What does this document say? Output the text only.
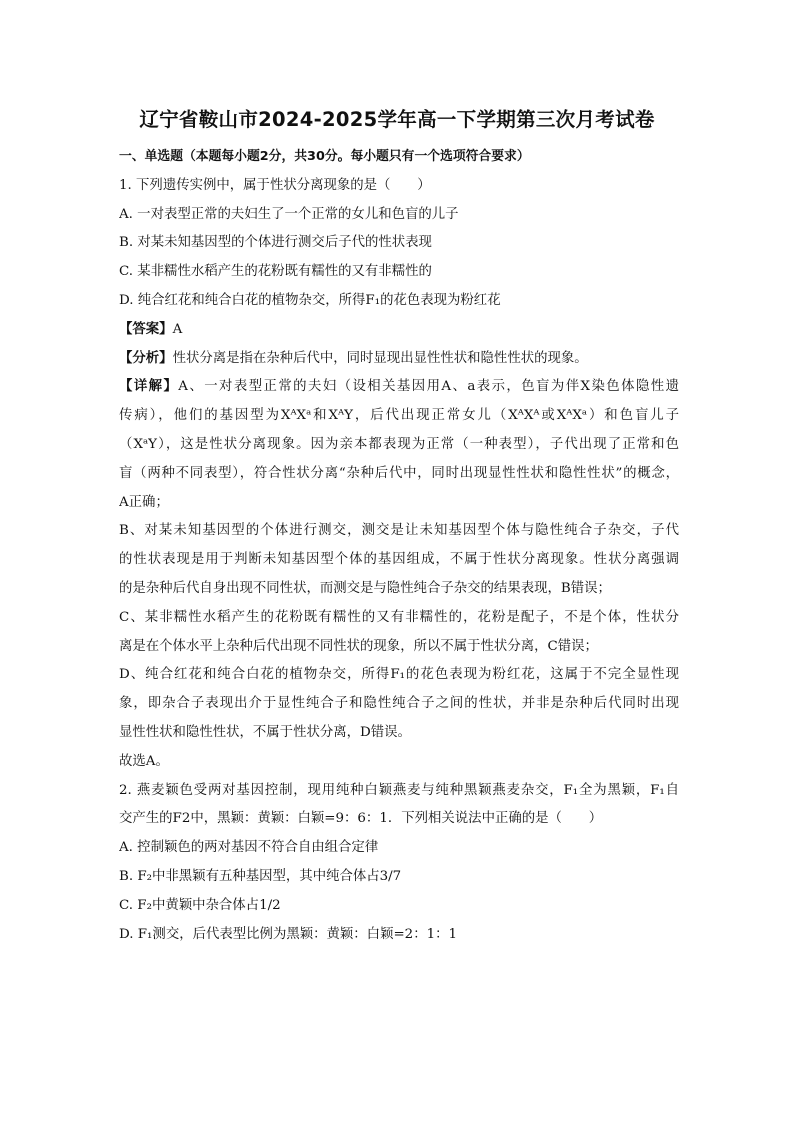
辽宁省鞍山市2024-2025学年高一下学期第三次月考试卷
一、单选题（本题每小题2分，共30分。每小题只有一个选项符合要求）
1. 下列遗传实例中，属于性状分离现象的是（　　）
A. 一对表型正常的夫妇生了一个正常的女儿和色盲的儿子
B. 对某未知基因型的个体进行测交后子代的性状表现
C. 某非糯性水稻产生的花粉既有糯性的又有非糯性的
D. 纯合红花和纯合白花的植物杂交，所得F₁的花色表现为粉红花
【答案】A
【分析】性状分离是指在杂种后代中，同时显现出显性性状和隐性性状的现象。
【详解】A、一对表型正常的夫妇（设相关基因用A、a表示，色盲为伴X染色体隐性遗
传病），他们的基因型为XᴬXᵃ和XᴬY，后代出现正常女儿（XᴬXᴬ或XᴬXᵃ）和色盲儿子
（XᵃY），这是性状分离现象。因为亲本都表现为正常（一种表型），子代出现了正常和色
盲（两种不同表型），符合性状分离“杂种后代中，同时出现显性性状和隐性性状”的概念，
A正确；
B、对某未知基因型的个体进行测交，测交是让未知基因型个体与隐性纯合子杂交，子代
的性状表现是用于判断未知基因型个体的基因组成，不属于性状分离现象。性状分离强调
的是杂种后代自身出现不同性状，而测交是与隐性纯合子杂交的结果表现，B错误；
C、某非糯性水稻产生的花粉既有糯性的又有非糯性的，花粉是配子，不是个体，性状分
离是在个体水平上杂种后代出现不同性状的现象，所以不属于性状分离，C错误；
D、纯合红花和纯合白花的植物杂交，所得F₁的花色表现为粉红花，这属于不完全显性现
象，即杂合子表现出介于显性纯合子和隐性纯合子之间的性状，并非是杂种后代同时出现
显性性状和隐性性状，不属于性状分离，D错误。
故选A。
2. 燕麦颖色受两对基因控制，现用纯种白颖燕麦与纯种黑颖燕麦杂交，F₁全为黑颖，F₁自
交产生的F2中，黑颖：黄颖：白颖=9：6：1．下列相关说法中正确的是（　　）
A. 控制颖色的两对基因不符合自由组合定律
B. F₂中非黑颖有五种基因型，其中纯合体占3/7
C. F₂中黄颖中杂合体占1/2
D. F₁测交，后代表型比例为黑颖：黄颖：白颖=2：1：1
